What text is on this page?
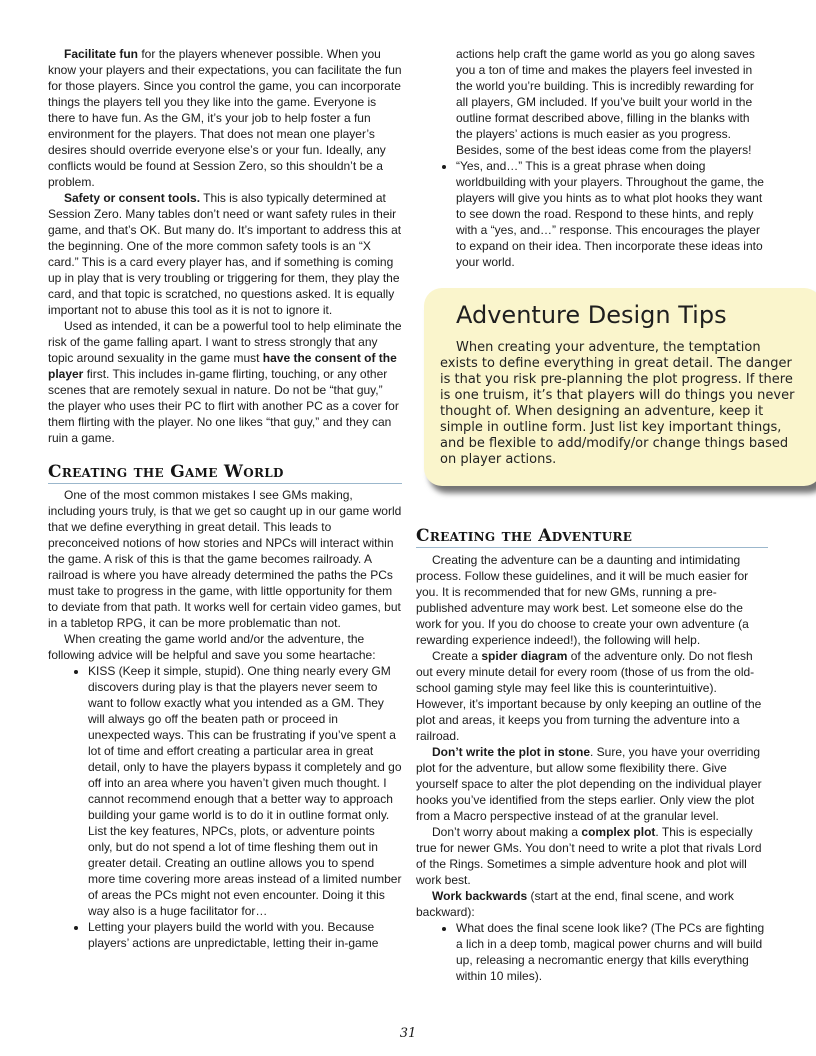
Facilitate fun for the players whenever possible. When you know your players and their expectations, you can facilitate the fun for those players. Since you control the game, you can incorporate things the players tell you they like into the game. Everyone is there to have fun. As the GM, it’s your job to help foster a fun environment for the players. That does not mean one player’s desires should override everyone else’s or your fun. Ideally, any conflicts would be found at Session Zero, so this shouldn’t be a problem.

Safety or consent tools. This is also typically determined at Session Zero. Many tables don’t need or want safety rules in their game, and that’s OK. But many do. It’s important to address this at the beginning. One of the more common safety tools is an “X card.” This is a card every player has, and if something is coming up in play that is very troubling or triggering for them, they play the card, and that topic is scratched, no questions asked. It is equally important not to abuse this tool as it is not to ignore it.

Used as intended, it can be a powerful tool to help eliminate the risk of the game falling apart. I want to stress strongly that any topic around sexuality in the game must have the consent of the player first. This includes in-game flirting, touching, or any other scenes that are remotely sexual in nature. Do not be “that guy,” the player who uses their PC to flirt with another PC as a cover for them flirting with the player. No one likes “that guy,” and they can ruin a game.

Creating the Game World

One of the most common mistakes I see GMs making, including yours truly, is that we get so caught up in our game world that we define everything in great detail. This leads to preconceived notions of how stories and NPCs will interact within the game. A risk of this is that the game becomes railroady. A railroad is where you have already determined the paths the PCs must take to progress in the game, with little opportunity for them to deviate from that path. It works well for certain video games, but in a tabletop RPG, it can be more problematic than not.

When creating the game world and/or the adventure, the following advice will be helpful and save you some heartache:

• KISS (Keep it simple, stupid). One thing nearly every GM discovers during play is that the players never seem to want to follow exactly what you intended as a GM. They will always go off the beaten path or proceed in unexpected ways. This can be frustrating if you’ve spent a lot of time and effort creating a particular area in great detail, only to have the players bypass it completely and go off into an area where you haven’t given much thought. I cannot recommend enough that a better way to approach building your game world is to do it in outline format only. List the key features, NPCs, plots, or adventure points only, but do not spend a lot of time fleshing them out in greater detail. Creating an outline allows you to spend more time covering more areas instead of a limited number of areas the PCs might not even encounter. Doing it this way also is a huge facilitator for…
• Letting your players build the world with you. Because players’ actions are unpredictable, letting their in-game
actions help craft the game world as you go along saves you a ton of time and makes the players feel invested in the world you’re building. This is incredibly rewarding for all players, GM included. If you’ve built your world in the outline format described above, filling in the blanks with the players’ actions is much easier as you progress. Besides, some of the best ideas come from the players!
• “Yes, and…” This is a great phrase when doing worldbuilding with your players. Throughout the game, the players will give you hints as to what plot hooks they want to see down the road. Respond to these hints, and reply with a “yes, and…” response. This encourages the player to expand on their idea. Then incorporate these ideas into your world.
Adventure Design Tips

When creating your adventure, the temptation exists to define everything in great detail. The danger is that you risk pre-planning the plot progress. If there is one truism, it’s that players will do things you never thought of. When designing an adventure, keep it simple in outline form. Just list key important things, and be flexible to add/modify/or change things based on player actions.

Creating the Adventure

Creating the adventure can be a daunting and intimidating process. Follow these guidelines, and it will be much easier for you. It is recommended that for new GMs, running a pre-published adventure may work best. Let someone else do the work for you. If you do choose to create your own adventure (a rewarding experience indeed!), the following will help.

Create a spider diagram of the adventure only. Do not flesh out every minute detail for every room (those of us from the old-school gaming style may feel like this is counterintuitive). However, it’s important because by only keeping an outline of the plot and areas, it keeps you from turning the adventure into a railroad.

Don’t write the plot in stone. Sure, you have your overriding plot for the adventure, but allow some flexibility there. Give yourself space to alter the plot depending on the individual player hooks you’ve identified from the steps earlier. Only view the plot from a Macro perspective instead of at the granular level.

Don’t worry about making a complex plot. This is especially true for newer GMs. You don’t need to write a plot that rivals Lord of the Rings. Sometimes a simple adventure hook and plot will work best.

Work backwards (start at the end, final scene, and work backward):

• What does the final scene look like? (The PCs are fighting a lich in a deep tomb, magical power churns and will build up, releasing a necromantic energy that kills everything within 10 miles).
31
